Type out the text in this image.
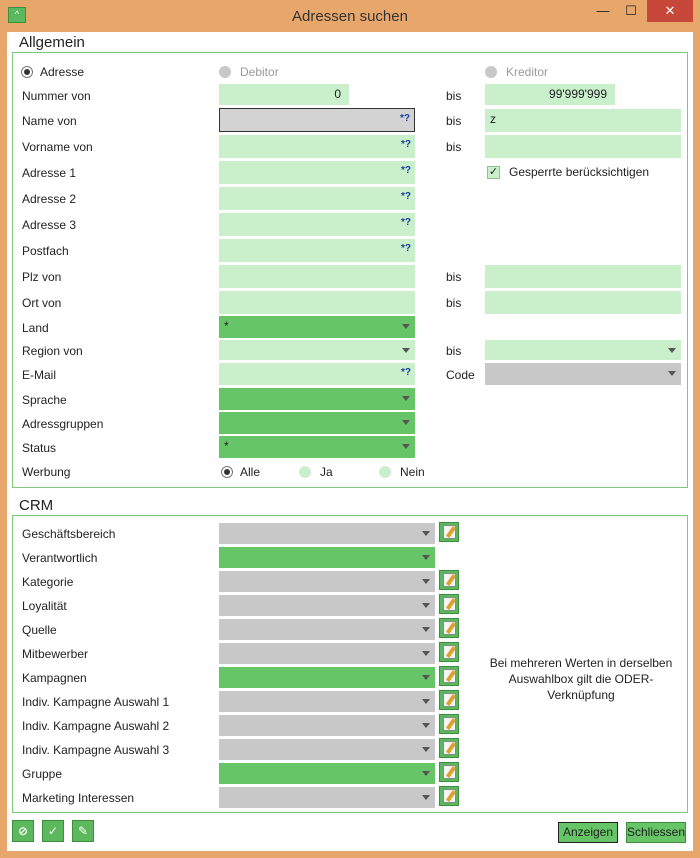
^	Adressen suchen	—	☐	✕
Allgemein
Adresse	Debitor	Kreditor
Nummer von	0	bis	99'999'999
Name von	*?	bis z
Vorname von	*?	bis
Adresse 1	*?	✓ Gesperrte berücksichtigen
Adresse 2	*?
Adresse 3	*?
Postfach	*?
Plz von	bis
Ort von	bis
Land	*
Region von	bis
E-Mail	*?	Code
Sprache
Adressgruppen
Status	*
Werbung	Alle	Ja	Nein
CRM
Geschäftsbereich
Verantwortlich
Kategorie
Loyalität
Quelle
Mitbewerber
Kampagnen
Indiv. Kampagne Auswahl 1
Indiv. Kampagne Auswahl 2
Indiv. Kampagne Auswahl 3
Gruppe
Marketing Interessen
Bei mehreren Werten in derselben Auswahlbox gilt die ODER-Verknüpfung
⊘	✓	✎	Anzeigen	Schliessen
